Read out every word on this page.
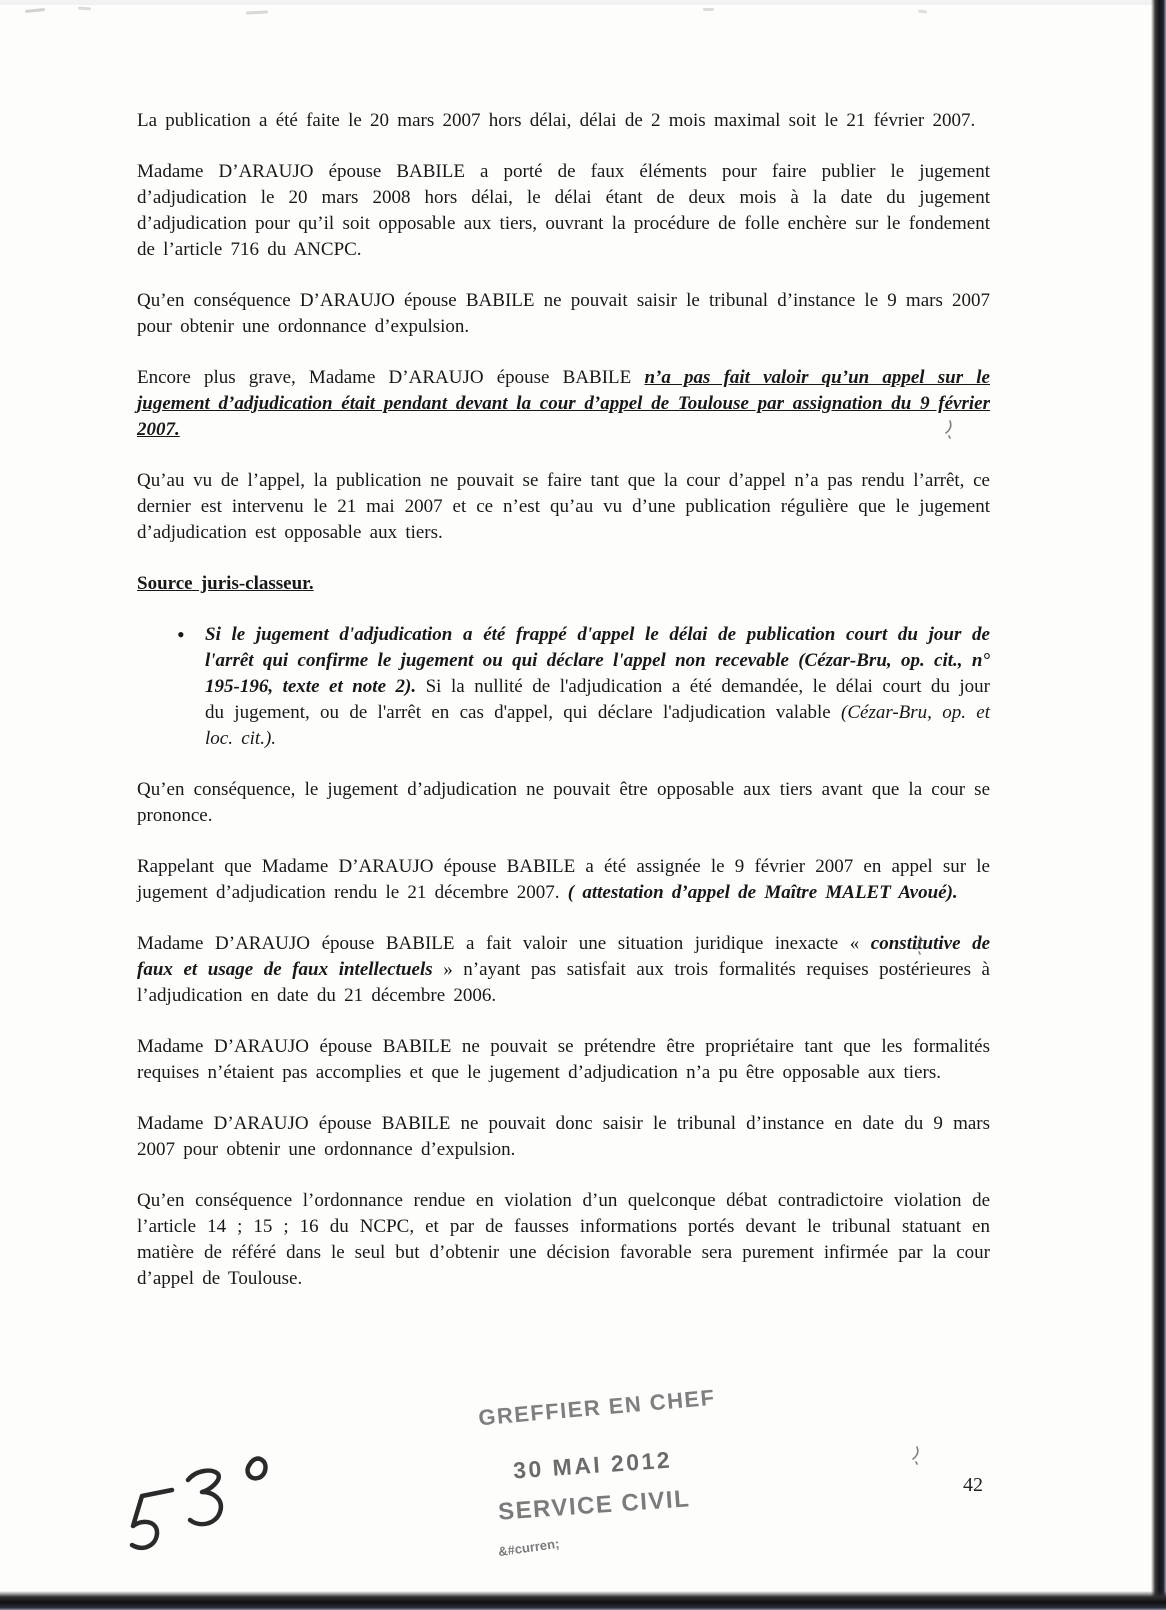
La publication a été faite le 20 mars 2007 hors délai, délai de 2 mois maximal soit le 21 février 2007.

Madame D’ARAUJO épouse BABILE a porté de faux éléments pour faire publier le jugement d’adjudication le 20 mars 2008 hors délai, le délai étant de deux mois à la date du jugement d’adjudication pour qu’il soit opposable aux tiers, ouvrant la procédure de folle enchère sur le fondement de l’article 716 du ANCPC.

Qu’en conséquence D’ARAUJO épouse BABILE ne pouvait saisir le tribunal d’instance le 9 mars 2007 pour obtenir une ordonnance d’expulsion.

Encore plus grave, Madame D’ARAUJO épouse BABILE n’a pas fait valoir qu’un appel sur le jugement d’adjudication était pendant devant la cour d’appel de Toulouse par assignation du 9 février 2007.

Qu’au vu de l’appel, la publication ne pouvait se faire tant que la cour d’appel n’a pas rendu l’arrêt, ce dernier est intervenu le 21 mai 2007 et ce n’est qu’au vu d’une publication régulière que le jugement d’adjudication est opposable aux tiers.

Source juris-classeur.

• Si le jugement d'adjudication a été frappé d'appel le délai de publication court du jour de l'arrêt qui confirme le jugement ou qui déclare l'appel non recevable (Cézar-Bru, op. cit., n° 195-196, texte et note 2). Si la nullité de l'adjudication a été demandée, le délai court du jour du jugement, ou de l'arrêt en cas d'appel, qui déclare l'adjudication valable (Cézar-Bru, op. et loc. cit.).

Qu’en conséquence, le jugement d’adjudication ne pouvait être opposable aux tiers avant que la cour se prononce.

Rappelant que Madame D’ARAUJO épouse BABILE a été assignée le 9 février 2007 en appel sur le jugement d’adjudication rendu le 21 décembre 2007. ( attestation d’appel de Maître MALET Avoué).

Madame D’ARAUJO épouse BABILE a fait valoir une situation juridique inexacte « constitutive de faux et usage de faux intellectuels » n’ayant pas satisfait aux trois formalités requises postérieures à l’adjudication en date du 21 décembre 2006.

Madame D’ARAUJO épouse BABILE ne pouvait se prétendre être propriétaire tant que les formalités requises n’étaient pas accomplies et que le jugement d’adjudication n’a pu être opposable aux tiers.

Madame D’ARAUJO épouse BABILE ne pouvait donc saisir le tribunal d’instance en date du 9 mars 2007 pour obtenir une ordonnance d’expulsion.

Qu’en conséquence l’ordonnance rendue en violation d’un quelconque débat contradictoire violation de l’article 14 ; 15 ; 16 du NCPC, et par de fausses informations portés devant le tribunal statuant en matière de référé dans le seul but d’obtenir une décision favorable sera purement infirmée par la cour d’appel de Toulouse.

GREFFIER EN CHEF
30 MAI 2012
SERVICE CIVIL
&#curren;
42
